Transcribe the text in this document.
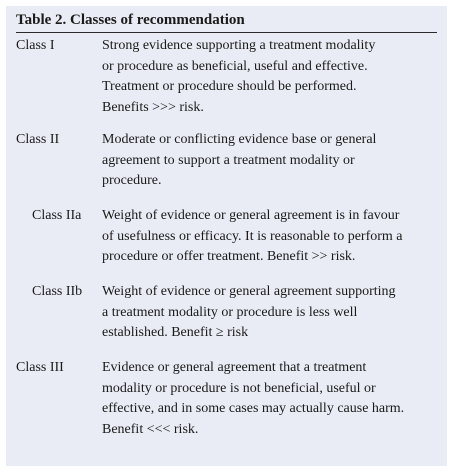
Table 2. Classes of recommendation
Class I	Strong evidence supporting a treatment modality
or procedure as beneficial, useful and effective.
Treatment or procedure should be performed.
Benefits >>> risk.
Class II	Moderate or conflicting evidence base or general
agreement to support a treatment modality or
procedure.
Class IIa Weight of evidence or general agreement is in favour
of usefulness or efficacy. It is reasonable to perform a
procedure or offer treatment. Benefit >> risk.
Class IIb Weight of evidence or general agreement supporting
a treatment modality or procedure is less well
established. Benefit ≥ risk
Class III	Evidence or general agreement that a treatment
modality or procedure is not beneficial, useful or
effective, and in some cases may actually cause harm.
Benefit <<< risk.
